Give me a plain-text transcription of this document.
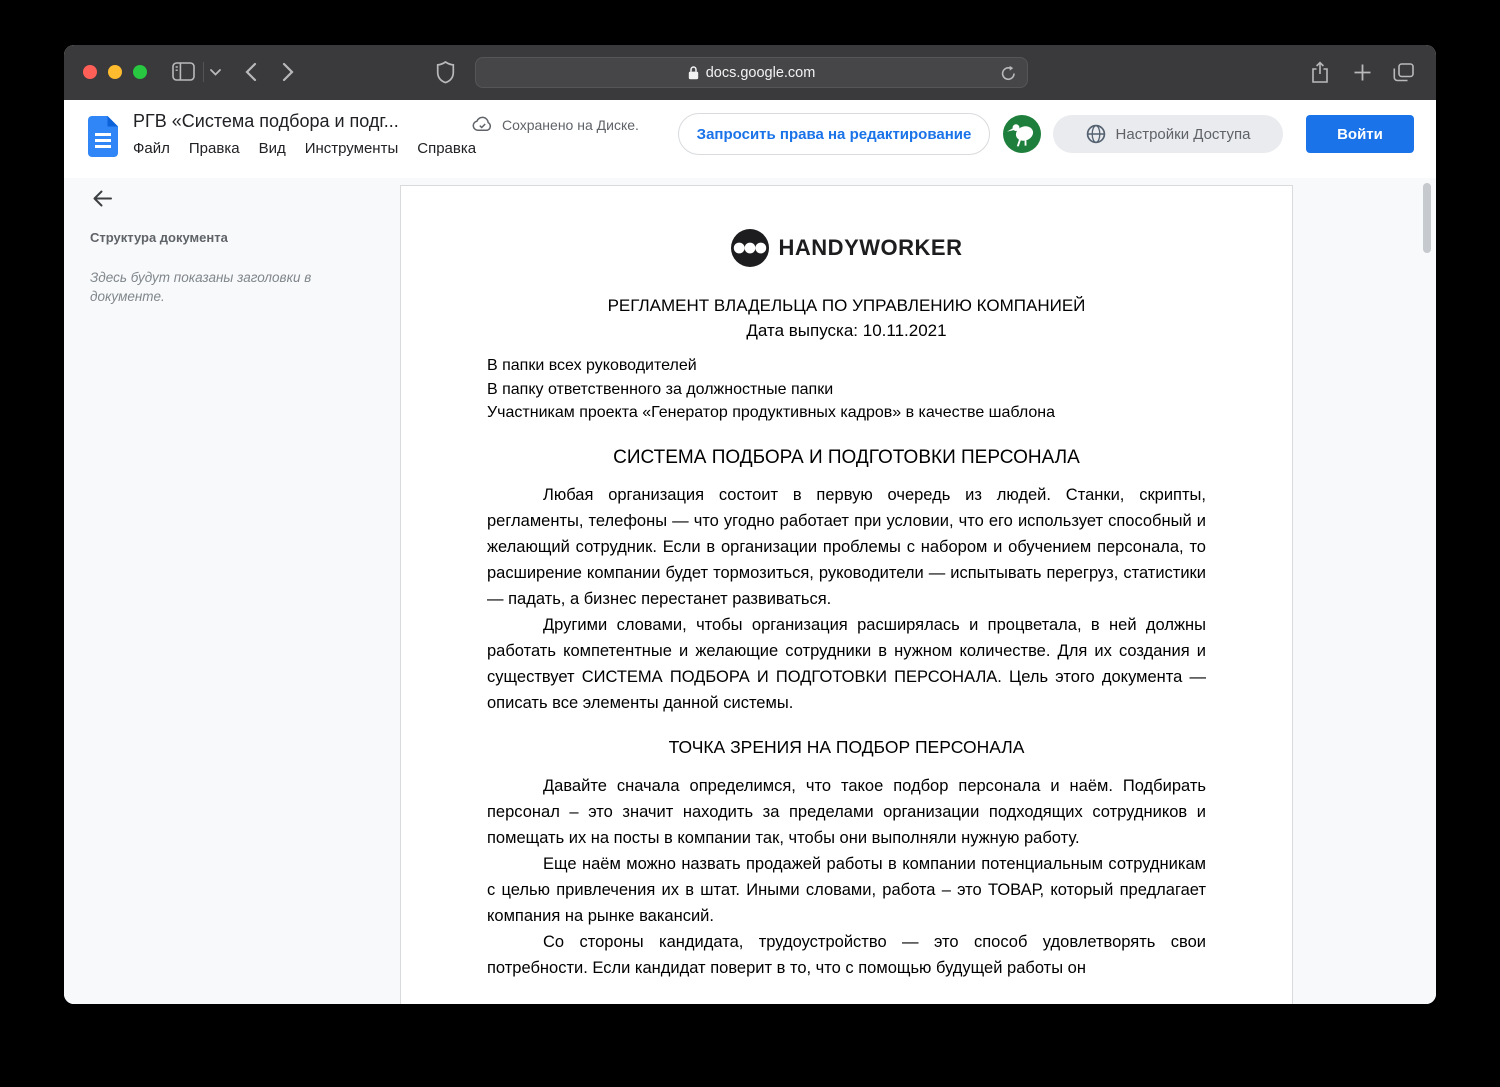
docs.google.com
РГВ «Система подбора и подг...
Файл Правка Вид Инструменты Справка
Сохранено на Диске.
Запросить права на редактирование	Настройки Доступа	Войти
Структура документа
Здесь будут показаны заголовки в документе.
HANDYWORKER
РЕГЛАМЕНТ ВЛАДЕЛЬЦА ПО УПРАВЛЕНИЮ КОМПАНИЕЙ
Дата выпуска: 10.11.2021
В папки всех руководителей
В папку ответственного за должностные папки
Участникам проекта «Генератор продуктивных кадров» в качестве шаблона
СИСТЕМА ПОДБОРА И ПОДГОТОВКИ ПЕРСОНАЛА

Любая организация состоит в первую очередь из людей. Станки, скрипты, регламенты, телефоны — что угодно работает при условии, что его использует способный и желающий сотрудник. Если в организации проблемы с набором и обучением персонала, то расширение компании будет тормозиться, руководители — испытывать перегруз, статистики — падать, а бизнес перестанет развиваться.

Другими словами, чтобы организация расширялась и процветала, в ней должны работать компетентные и желающие сотрудники в нужном количестве. Для их создания и существует СИСТЕМА ПОДБОРА И ПОДГОТОВКИ ПЕРСОНАЛА. Цель этого документа — описать все элементы данной системы.

ТОЧКА ЗРЕНИЯ НА ПОДБОР ПЕРСОНАЛА

Давайте сначала определимся, что такое подбор персонала и наём. Подбирать персонал – это значит находить за пределами организации подходящих сотрудников и помещать их на посты в компании так, чтобы они выполняли нужную работу.

Еще наём можно назвать продажей работы в компании потенциальным сотрудникам с целью привлечения их в штат. Иными словами, работа – это ТОВАР, который предлагает компания на рынке вакансий.

Со стороны кандидата, трудоустройство — это способ удовлетворять свои потребности. Если кандидат поверит в то, что с помощью будущей работы он
